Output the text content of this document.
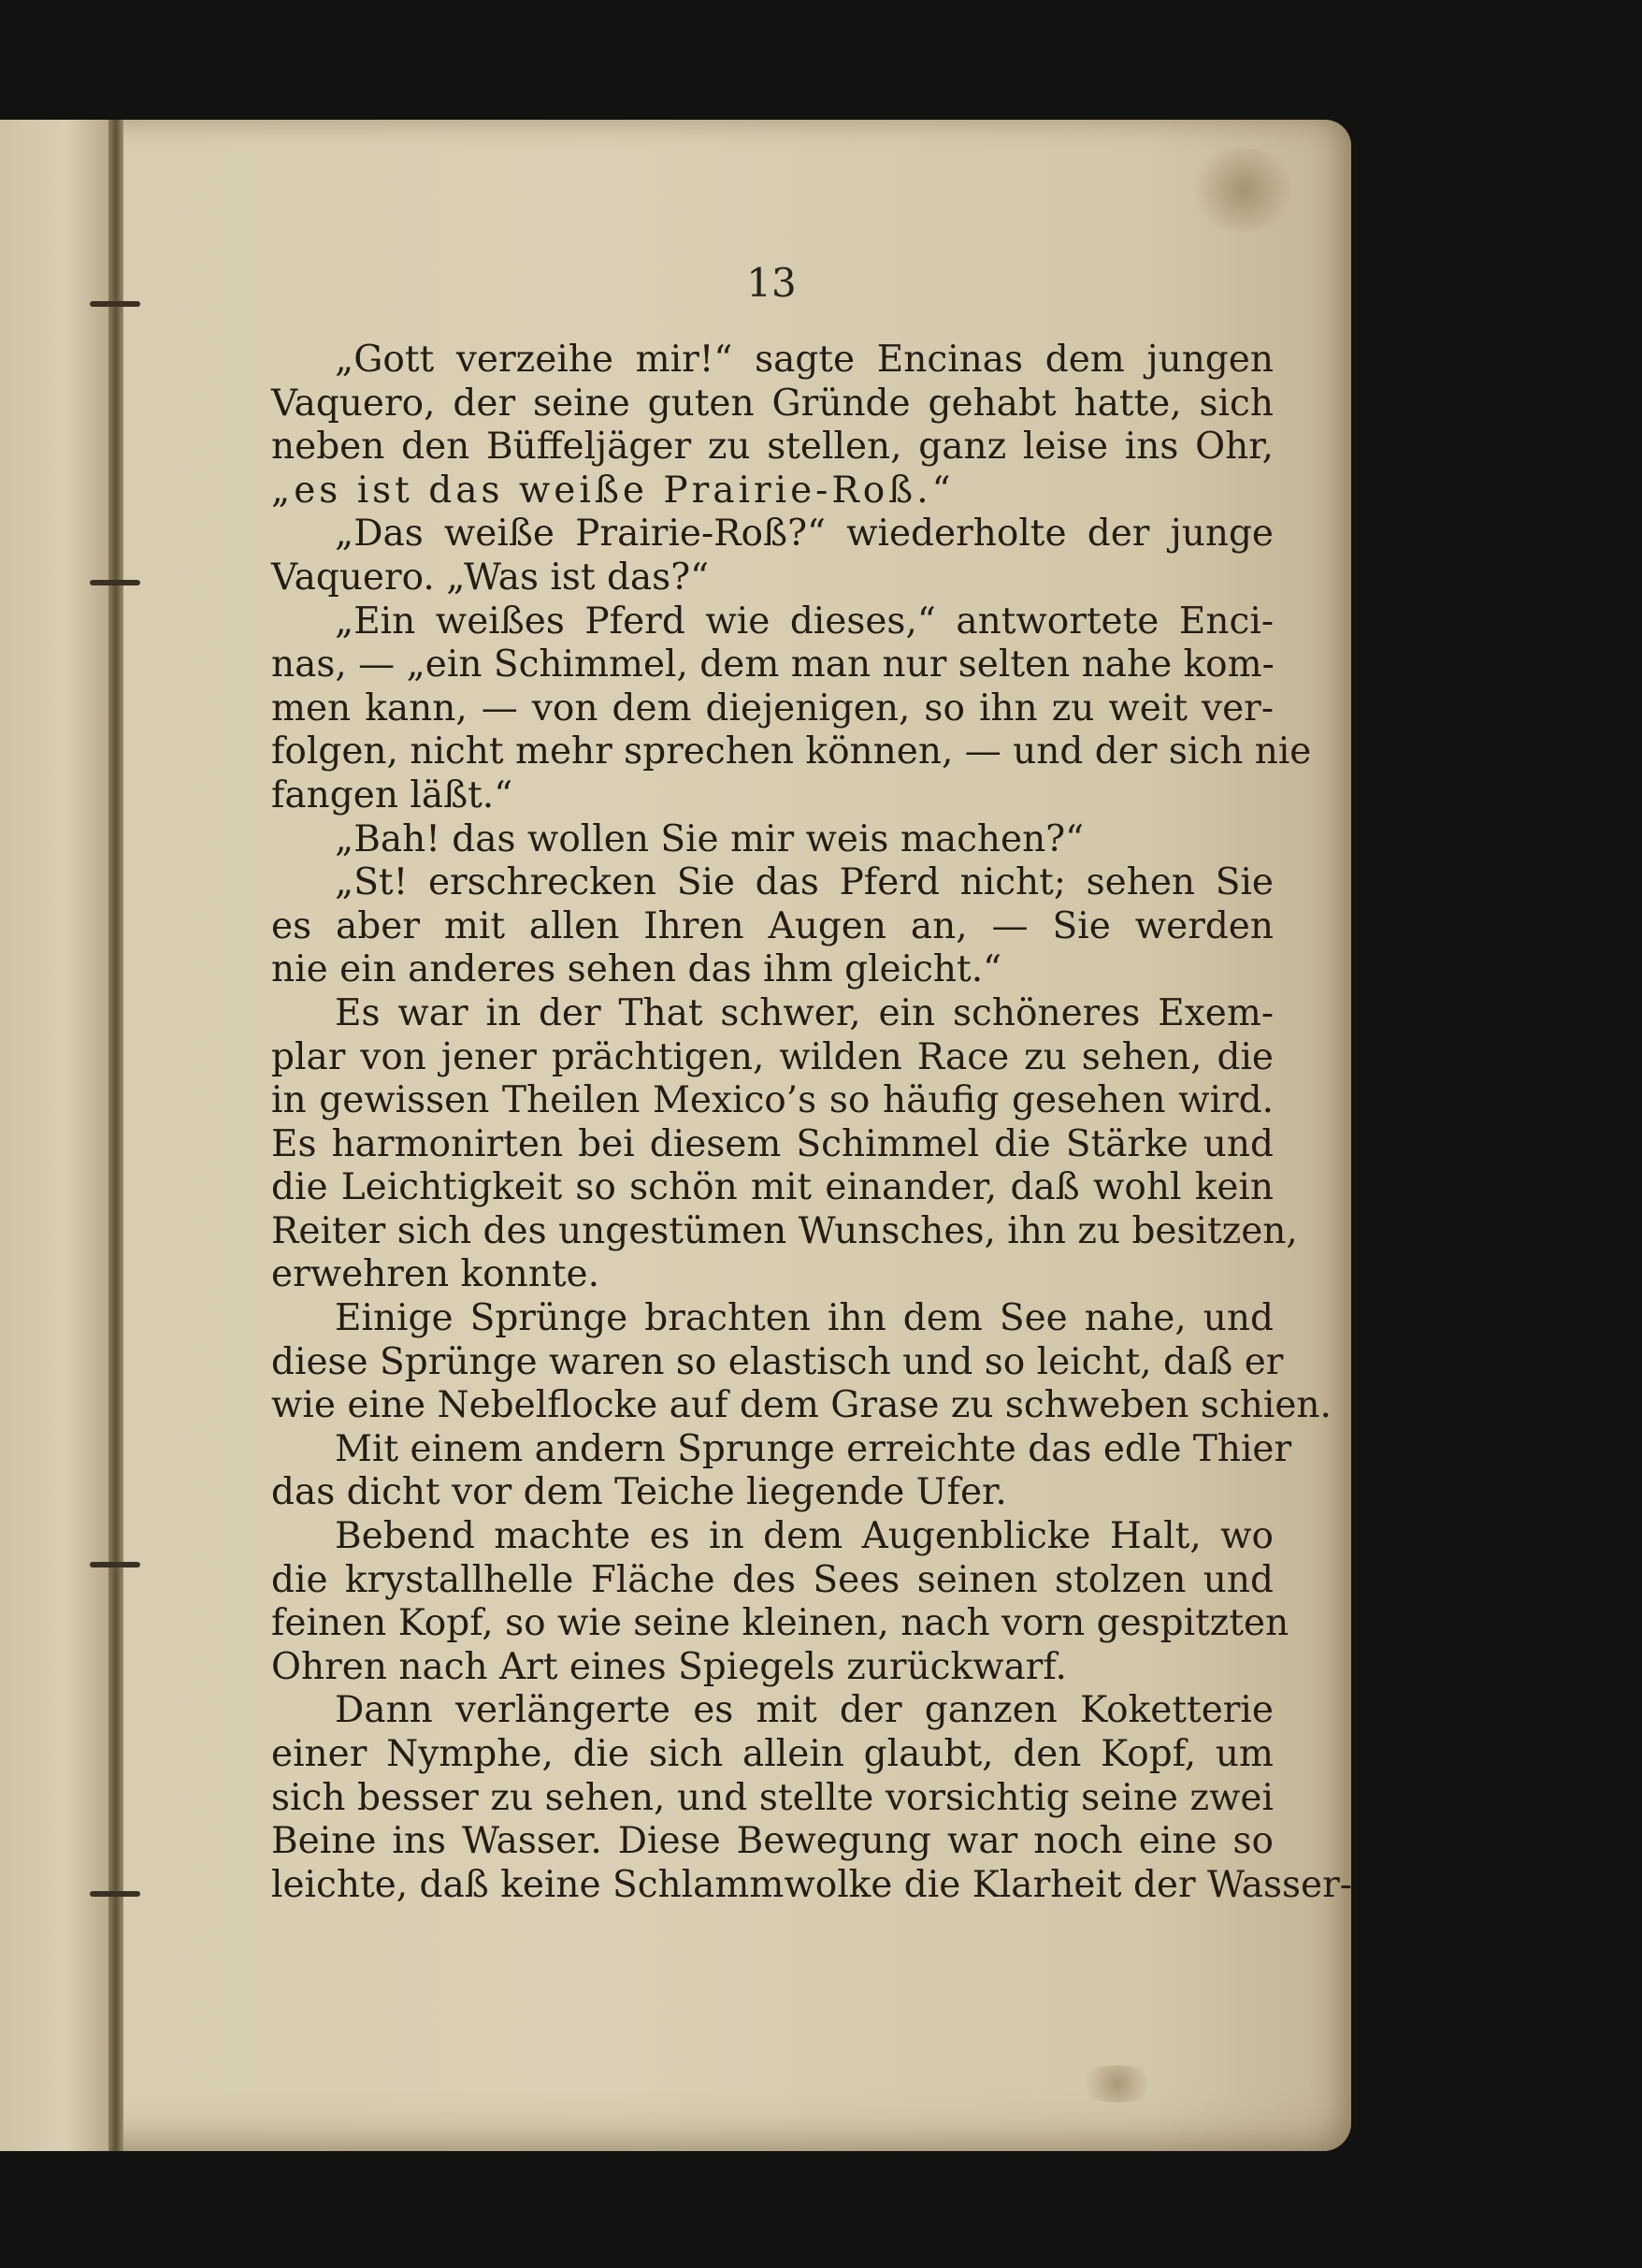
13
„Gott verzeihe mir!“ sagte Encinas dem jungen
Vaquero, der seine guten Gründe gehabt hatte, sich
neben den Büffeljäger zu stellen, ganz leise ins Ohr,
„es ist das weiße Prairie-Roß.“
„Das weiße Prairie-Roß?“ wiederholte der junge
Vaquero. „Was ist das?“
„Ein weißes Pferd wie dieses,“ antwortete Enci-
nas, — „ein Schimmel, dem man nur selten nahe kom-
men kann, — von dem diejenigen, so ihn zu weit ver-
folgen, nicht mehr sprechen können, — und der sich nie
fangen läßt.“
„Bah! das wollen Sie mir weis machen?“
„St! erschrecken Sie das Pferd nicht; sehen Sie
es aber mit allen Ihren Augen an, — Sie werden
nie ein anderes sehen das ihm gleicht.“
Es war in der That schwer, ein schöneres Exem-
plar von jener prächtigen, wilden Race zu sehen, die
in gewissen Theilen Mexico’s so häufig gesehen wird.
Es harmonirten bei diesem Schimmel die Stärke und
die Leichtigkeit so schön mit einander, daß wohl kein
Reiter sich des ungestümen Wunsches, ihn zu besitzen,
erwehren konnte.
Einige Sprünge brachten ihn dem See nahe, und
diese Sprünge waren so elastisch und so leicht, daß er
wie eine Nebelflocke auf dem Grase zu schweben schien.
Mit einem andern Sprunge erreichte das edle Thier
das dicht vor dem Teiche liegende Ufer.
Bebend machte es in dem Augenblicke Halt, wo
die krystallhelle Fläche des Sees seinen stolzen und
feinen Kopf, so wie seine kleinen, nach vorn gespitzten
Ohren nach Art eines Spiegels zurückwarf.
Dann verlängerte es mit der ganzen Koketterie
einer Nymphe, die sich allein glaubt, den Kopf, um
sich besser zu sehen, und stellte vorsichtig seine zwei
Beine ins Wasser. Diese Bewegung war noch eine so
leichte, daß keine Schlammwolke die Klarheit der Wasser-
